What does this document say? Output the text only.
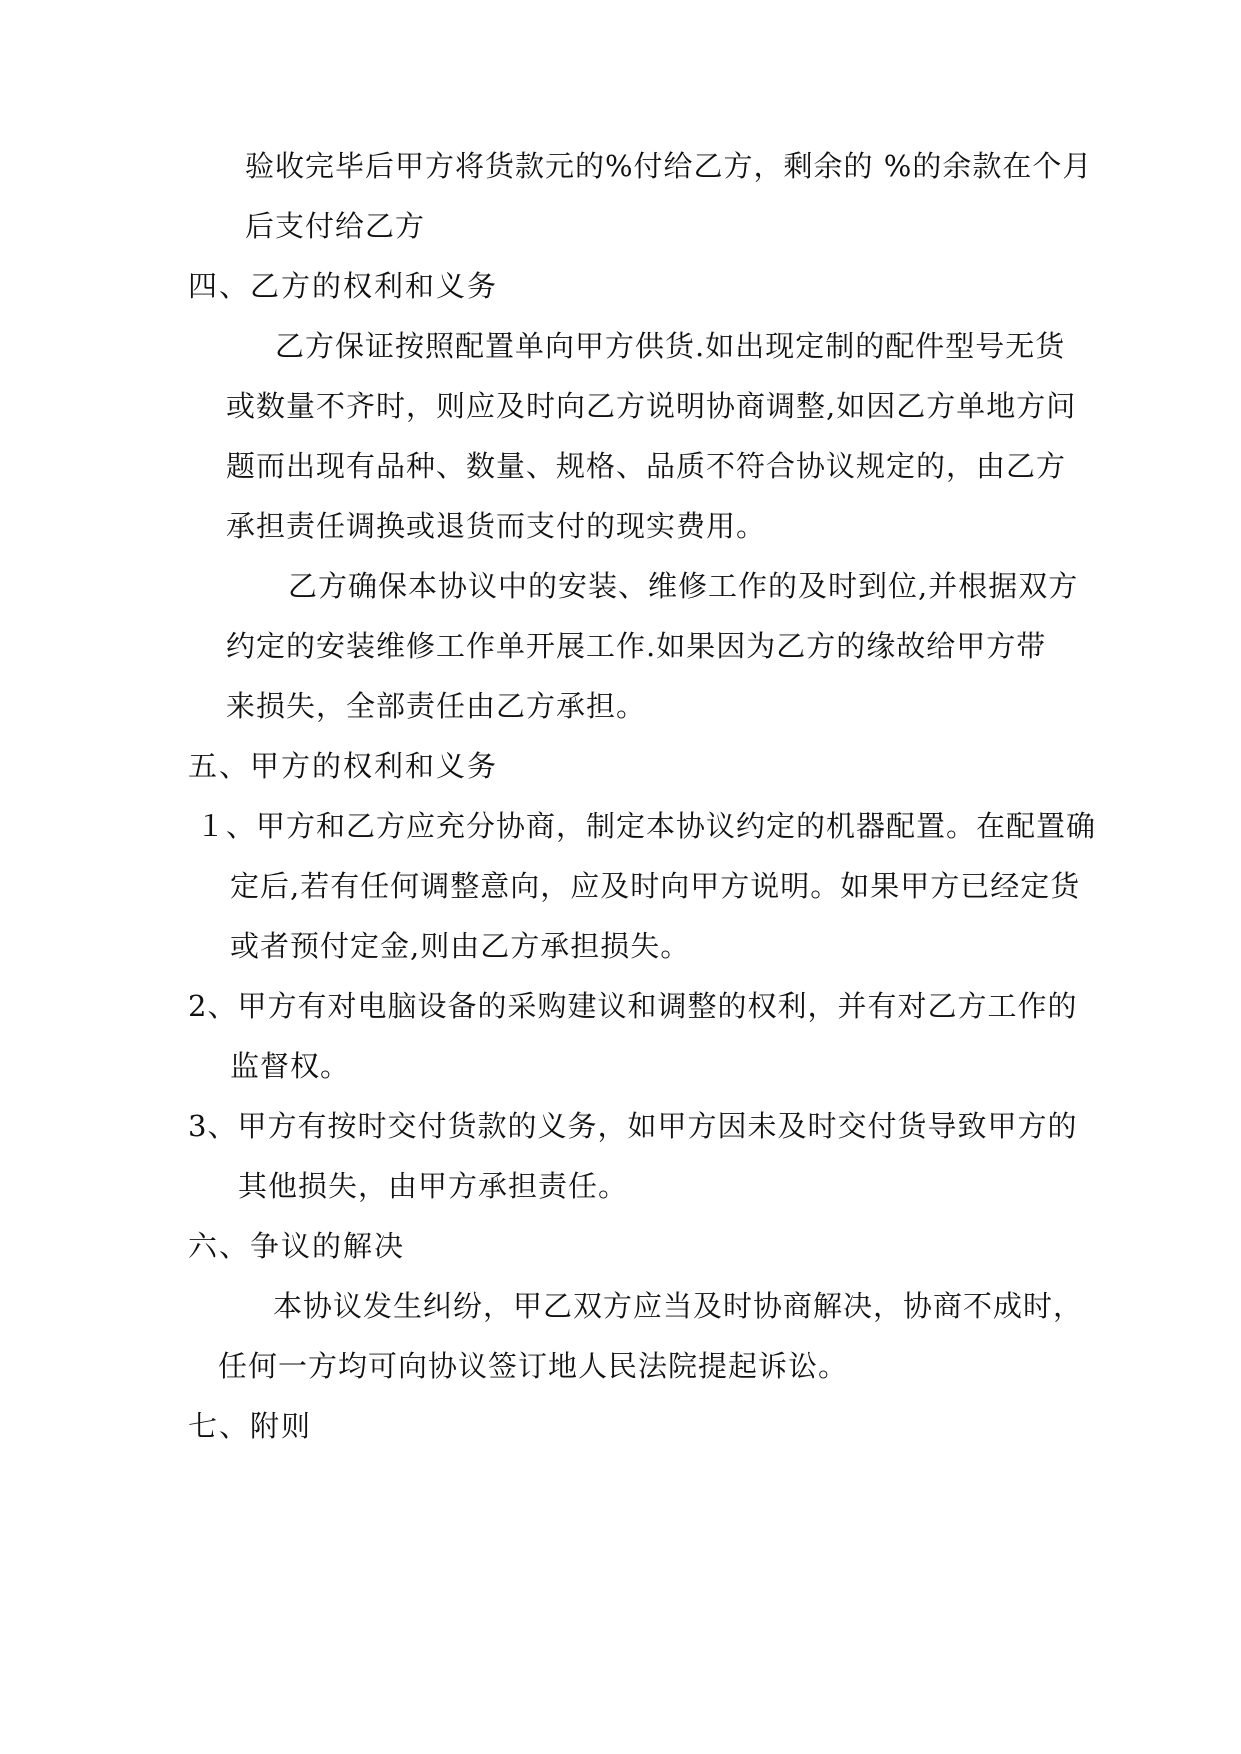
验收完毕后甲方将货款元的%付给乙方，剩余的 %的余款在个月
后支付给乙方
四、乙方的权利和义务
乙方保证按照配置单向甲方供货.如出现定制的配件型号无货
或数量不齐时，则应及时向乙方说明协商调整,如因乙方单地方问
题而出现有品种、数量、规格、品质不符合协议规定的，由乙方
承担责任调换或退货而支付的现实费用。
乙方确保本协议中的安装、维修工作的及时到位,并根据双方
约定的安装维修工作单开展工作.如果因为乙方的缘故给甲方带
来损失，全部责任由乙方承担。
五、甲方的权利和义务
１、甲方和乙方应充分协商，制定本协议约定的机器配置。在配置确
定后,若有任何调整意向，应及时向甲方说明。如果甲方已经定货
或者预付定金,则由乙方承担损失。
2、甲方有对电脑设备的采购建议和调整的权利，并有对乙方工作的
监督权。
3、甲方有按时交付货款的义务，如甲方因未及时交付货导致甲方的
其他损失，由甲方承担责任。
六、争议的解决
本协议发生纠纷，甲乙双方应当及时协商解决，协商不成时，
任何一方均可向协议签订地人民法院提起诉讼。
七、附则
